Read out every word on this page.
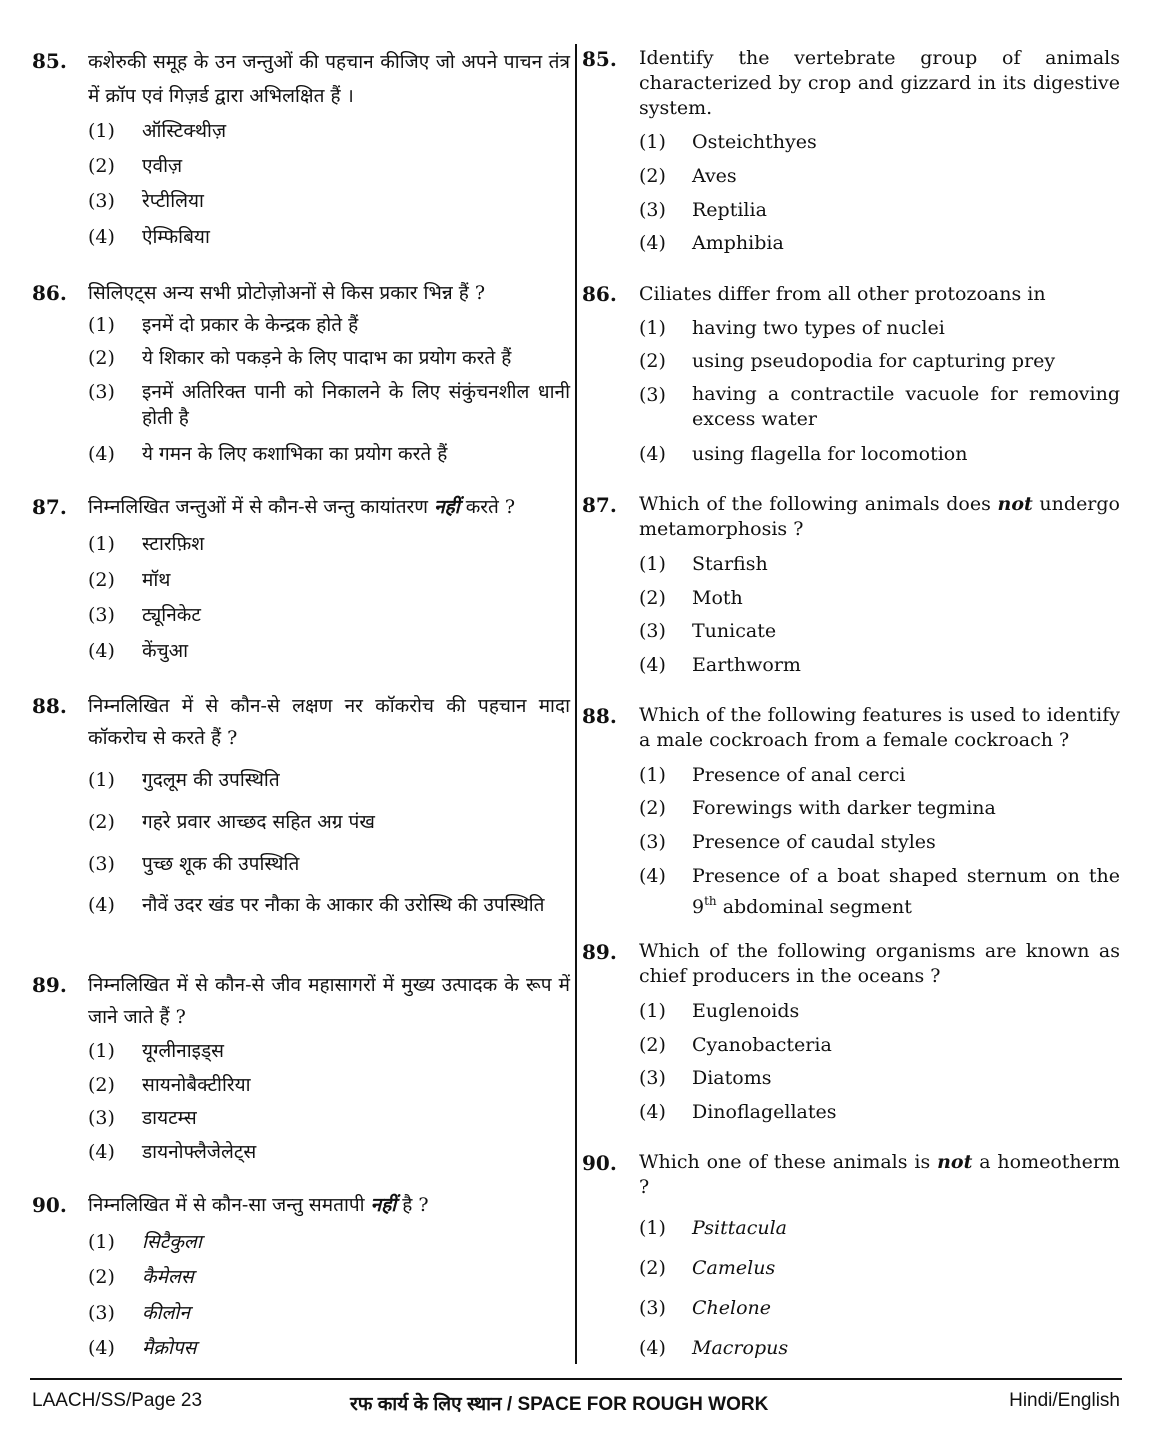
85. कशेरुकी समूह के उन जन्तुओं की पहचान कीजिए जो अपने पाचन तंत्र में क्रॉप एवं गिज़र्ड द्वारा अभिलक्षित हैं ।
(1) ऑस्टिक्थीज़
(2) एवीज़
(3) रेप्टीलिया
(4) ऐम्फिबिया
86. सिलिएट्स अन्य सभी प्रोटोज़ोअनों से किस प्रकार भिन्न हैं ?
(1) इनमें दो प्रकार के केन्द्रक होते हैं
(2) ये शिकार को पकड़ने के लिए पादाभ का प्रयोग करते हैं
(3) इनमें अतिरिक्त पानी को निकालने के लिए संकुंचनशील धानी होती है
(4) ये गमन के लिए कशाभिका का प्रयोग करते हैं
87. निम्नलिखित जन्तुओं में से कौन-से जन्तु कायांतरण नहीं करते ?
(1) स्टारफ़िश
(2) मॉथ
(3) ट्यूनिकेट
(4) केंचुआ
88. निम्नलिखित में से कौन-से लक्षण नर कॉकरोच की पहचान मादा कॉकरोच से करते हैं ?
(1) गुदलूम की उपस्थिति
(2) गहरे प्रवार आच्छद सहित अग्र पंख
(3) पुच्छ शूक की उपस्थिति
(4) नौवें उदर खंड पर नौका के आकार की उरोस्थि की उपस्थिति
89. निम्नलिखित में से कौन-से जीव महासागरों में मुख्य उत्पादक के रूप में जाने जाते हैं ?
(1) यूग्लीनाइड्स
(2) सायनोबैक्टीरिया
(3) डायटम्स
(4) डायनोफ्लैजेलेट्स
90. निम्नलिखित में से कौन-सा जन्तु समतापी नहीं है ?
(1) सिटैकुला
(2) कैमेलस
(3) कीलोन
(4) मैक्रोपस
85. Identify the vertebrate group of animals characterized by crop and gizzard in its digestive system.
(1) Osteichthyes
(2) Aves
(3) Reptilia
(4) Amphibia
86. Ciliates differ from all other protozoans in
(1) having two types of nuclei
(2) using pseudopodia for capturing prey
(3) having a contractile vacuole for removing excess water
(4) using flagella for locomotion
87. Which of the following animals does not undergo metamorphosis ?
(1) Starfish
(2) Moth
(3) Tunicate
(4) Earthworm
88. Which of the following features is used to identify a male cockroach from a female cockroach ?
(1) Presence of anal cerci
(2) Forewings with darker tegmina
(3) Presence of caudal styles
(4) Presence of a boat shaped sternum on the 9th abdominal segment
89. Which of the following organisms are known as chief producers in the oceans ?
(1) Euglenoids
(2) Cyanobacteria
(3) Diatoms
(4) Dinoflagellates
90. Which one of these animals is not a homeotherm ?
(1) Psittacula
(2) Camelus
(3) Chelone
(4) Macropus
LAACH/SS/Page 23	रफ कार्य के लिए स्थान / SPACE FOR ROUGH WORK	Hindi/English
